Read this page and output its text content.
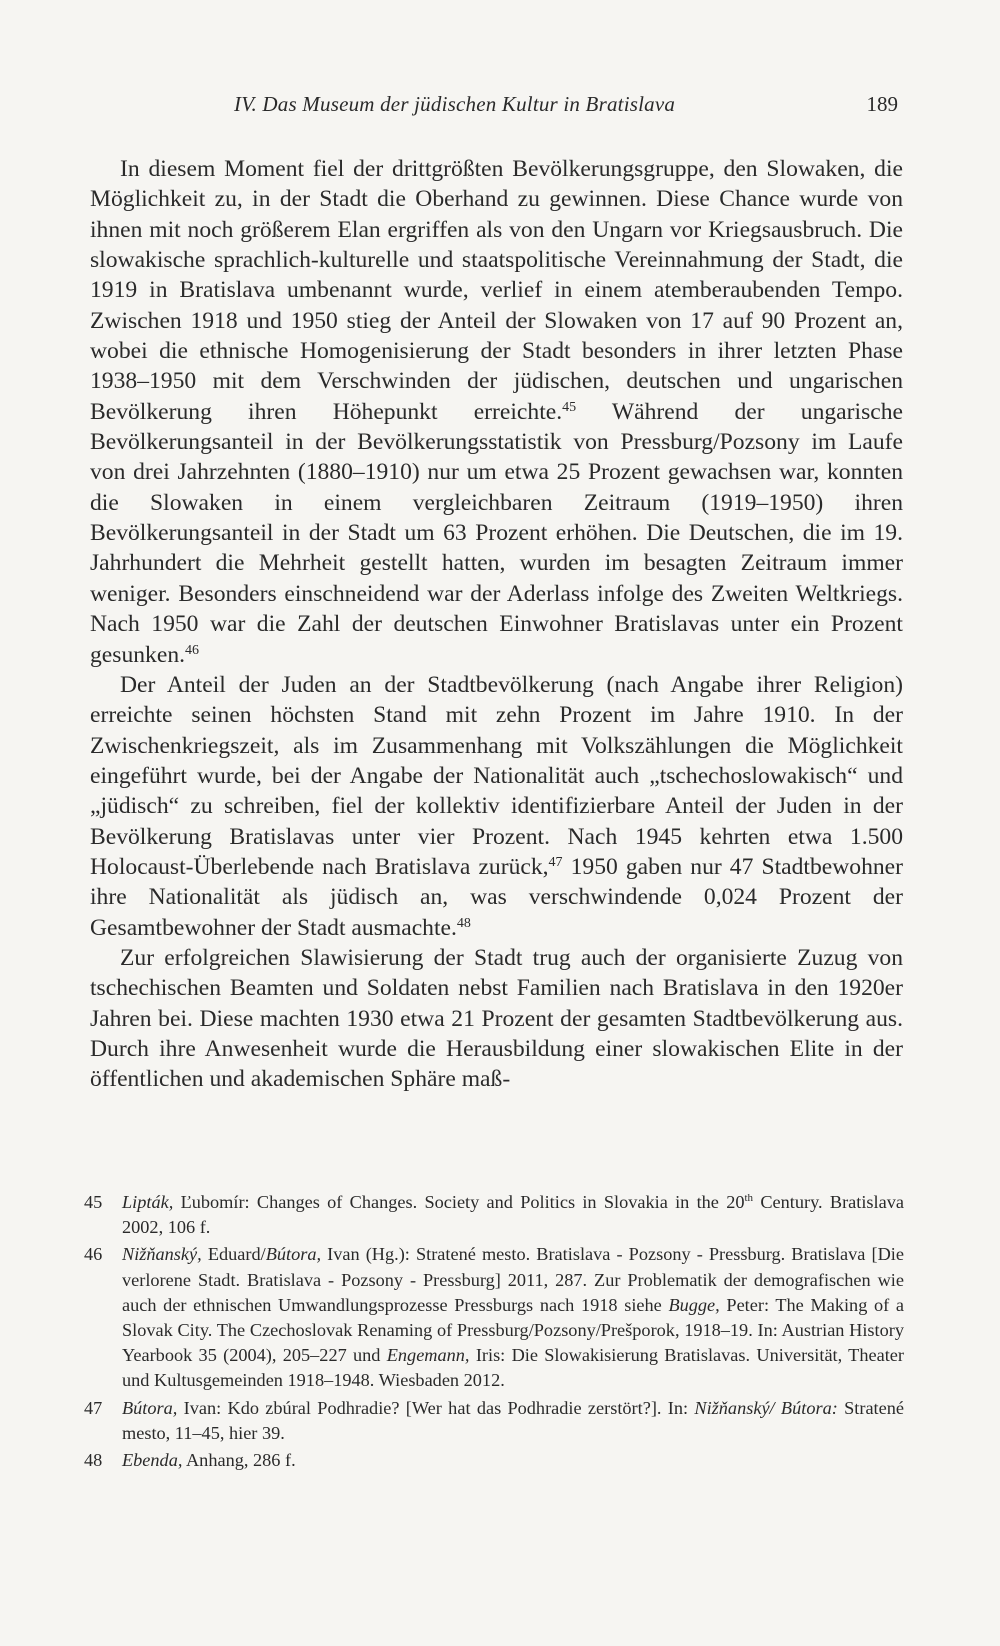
IV. Das Museum der jüdischen Kultur in Bratislava	189

In diesem Moment fiel der drittgrößten Bevölkerungsgruppe, den Slowaken, die Möglichkeit zu, in der Stadt die Oberhand zu gewinnen. Diese Chance wurde von ihnen mit noch größerem Elan ergriffen als von den Ungarn vor Kriegsausbruch. Die slowakische sprachlich-kulturelle und staatspolitische Vereinnahmung der Stadt, die 1919 in Bratislava umbenannt wurde, verlief in einem atemberaubenden Tempo. Zwischen 1918 und 1950 stieg der Anteil der Slowaken von 17 auf 90 Prozent an, wobei die ethnische Homogenisierung der Stadt besonders in ihrer letzten Phase 1938–1950 mit dem Verschwinden der jüdischen, deutschen und ungarischen Bevölkerung ihren Höhepunkt erreichte.$^{45}$ Während der ungarische Bevölkerungsanteil in der Bevölkerungsstatistik von Pressburg/Pozsony im Laufe von drei Jahrzehnten (1880–1910) nur um etwa 25 Prozent gewachsen war, konnten die Slowaken in einem vergleichbaren Zeitraum (1919–1950) ihren Bevölkerungsanteil in der Stadt um 63 Prozent erhöhen. Die Deutschen, die im 19. Jahrhundert die Mehrheit gestellt hatten, wurden im besagten Zeitraum immer weniger. Besonders einschneidend war der Aderlass infolge des Zweiten Weltkriegs. Nach 1950 war die Zahl der deutschen Einwohner Bratislavas unter ein Prozent gesunken.$^{46}$

Der Anteil der Juden an der Stadtbevölkerung (nach Angabe ihrer Religion) erreichte seinen höchsten Stand mit zehn Prozent im Jahre 1910. In der Zwischenkriegszeit, als im Zusammenhang mit Volkszählungen die Möglichkeit eingeführt wurde, bei der Angabe der Nationalität auch „tschechoslowakisch“ und „jüdisch“ zu schreiben, fiel der kollektiv identifizierbare Anteil der Juden in der Bevölkerung Bratislavas unter vier Prozent. Nach 1945 kehrten etwa 1.500 Holocaust-Überlebende nach Bratislava zurück,$^{47}$ 1950 gaben nur 47 Stadtbewohner ihre Nationalität als jüdisch an, was verschwindende 0,024 Prozent der Gesamtbewohner der Stadt ausmachte.$^{48}$

Zur erfolgreichen Slawisierung der Stadt trug auch der organisierte Zuzug von tschechischen Beamten und Soldaten nebst Familien nach Bratislava in den 1920er Jahren bei. Diese machten 1930 etwa 21 Prozent der gesamten Stadtbevölkerung aus. Durch ihre Anwesenheit wurde die Herausbildung einer slowakischen Elite in der öffentlichen und akademischen Sphäre maß-

45	Lipták, Ľubomír: Changes of Changes. Society and Politics in Slovakia in the 20th Century. Bratislava 2002, 106 f.
46	Nižňanský, Eduard/Bútora, Ivan (Hg.): Stratené mesto. Bratislava - Pozsony - Pressburg. Bratislava [Die verlorene Stadt. Bratislava - Pozsony - Pressburg] 2011, 287. Zur Problematik der demografischen wie auch der ethnischen Umwandlungsprozesse Pressburgs nach 1918 siehe Bugge, Peter: The Making of a Slovak City. The Czechoslovak Renaming of Pressburg/Pozsony/Prešporok, 1918–19. In: Austrian History Yearbook 35 (2004), 205–227 und Engemann, Iris: Die Slowakisierung Bratislavas. Universität, Theater und Kultusgemeinden 1918–1948. Wiesbaden 2012.
47	Bútora, Ivan: Kdo zbúral Podhradie? [Wer hat das Podhradie zerstört?]. In: Nižňanský/ Bútora: Stratené mesto, 11–45, hier 39.
48	Ebenda, Anhang, 286 f.
